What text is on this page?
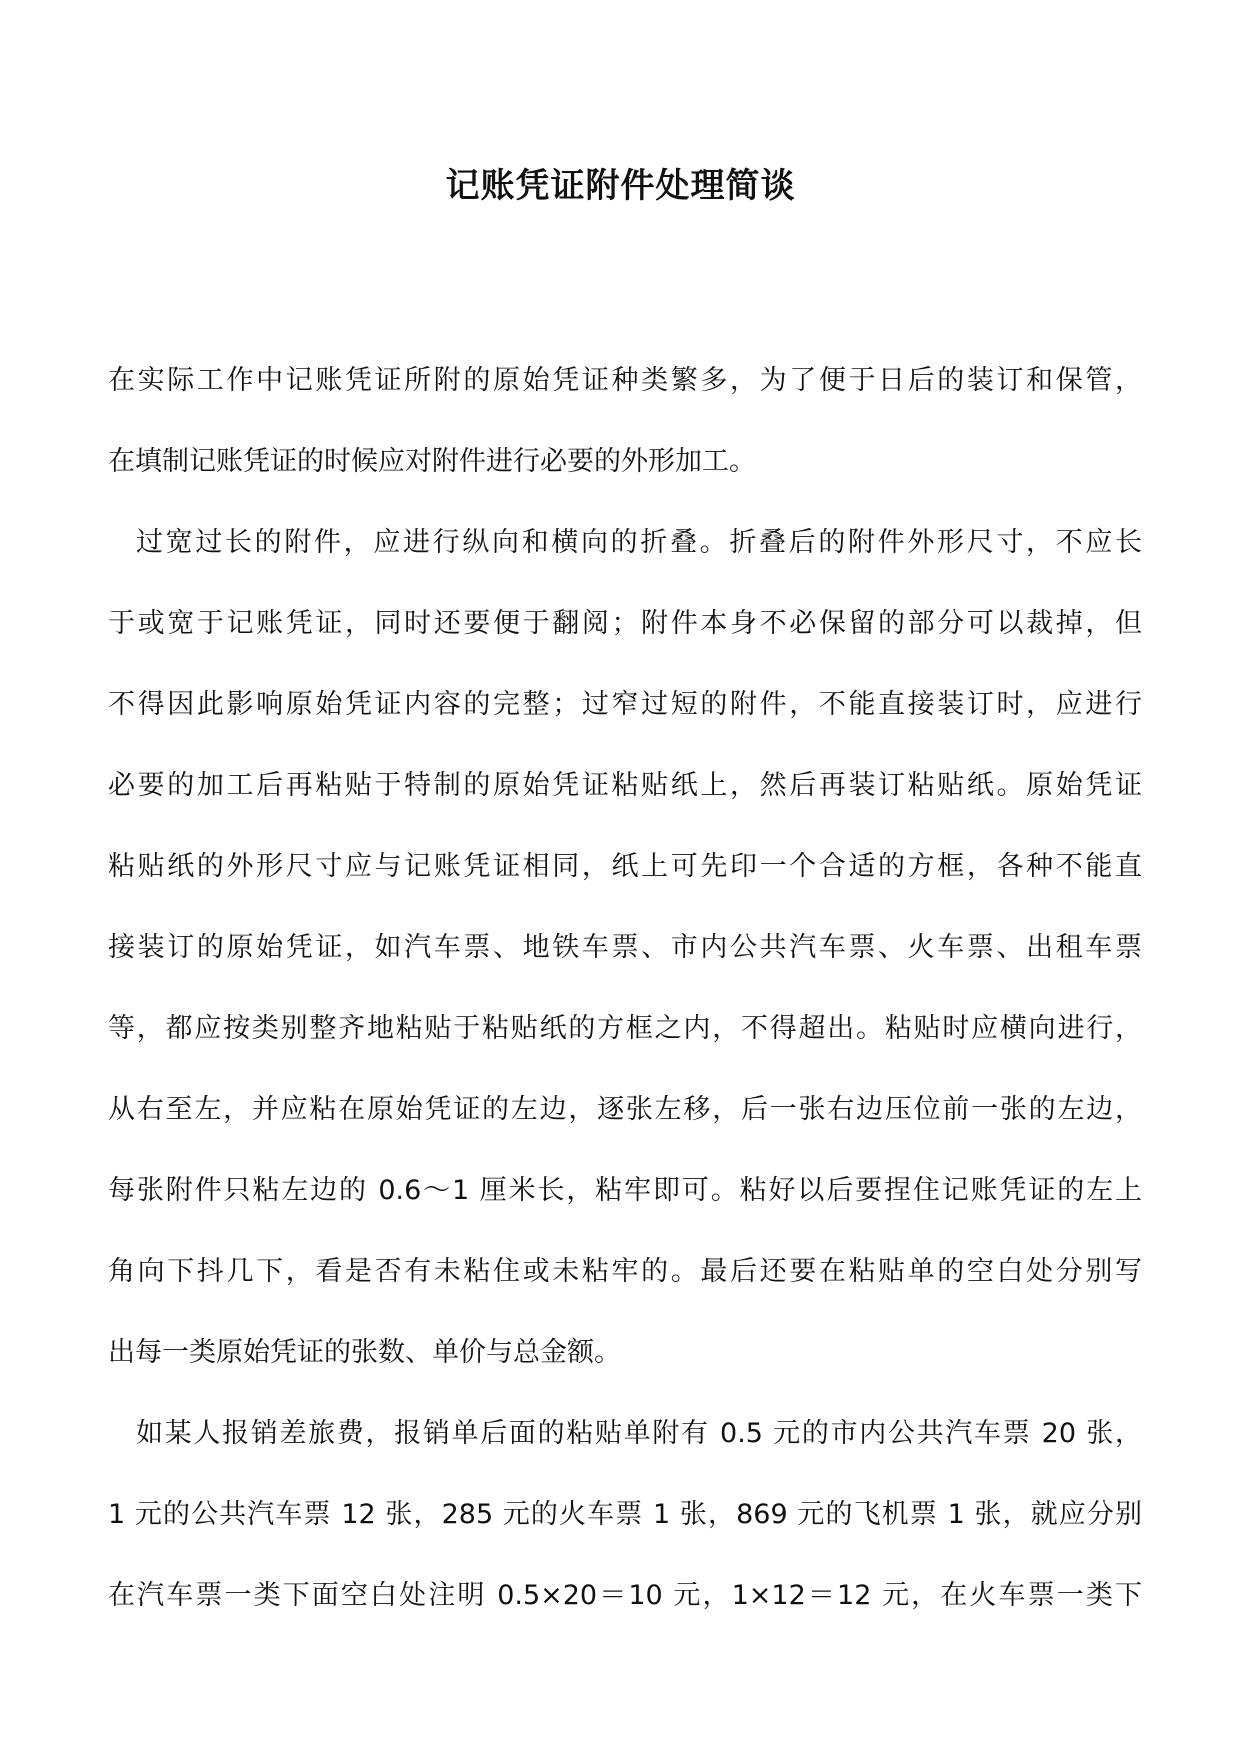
记账凭证附件处理简谈
在实际工作中记账凭证所附的原始凭证种类繁多，为了便于日后的装订和保管，
在填制记账凭证的时候应对附件进行必要的外形加工。
过宽过长的附件，应进行纵向和横向的折叠。折叠后的附件外形尺寸，不应长
于或宽于记账凭证，同时还要便于翻阅；附件本身不必保留的部分可以裁掉，但
不得因此影响原始凭证内容的完整；过窄过短的附件，不能直接装订时，应进行
必要的加工后再粘贴于特制的原始凭证粘贴纸上，然后再装订粘贴纸。原始凭证
粘贴纸的外形尺寸应与记账凭证相同，纸上可先印一个合适的方框，各种不能直
接装订的原始凭证，如汽车票、地铁车票、市内公共汽车票、火车票、出租车票
等，都应按类别整齐地粘贴于粘贴纸的方框之内，不得超出。粘贴时应横向进行，
从右至左，并应粘在原始凭证的左边，逐张左移，后一张右边压位前一张的左边，
每张附件只粘左边的 0.6～1 厘米长，粘牢即可。粘好以后要捏住记账凭证的左上
角向下抖几下，看是否有未粘住或未粘牢的。最后还要在粘贴单的空白处分别写
出每一类原始凭证的张数、单价与总金额。
如某人报销差旅费，报销单后面的粘贴单附有 0.5 元的市内公共汽车票 20 张，
1 元的公共汽车票 12 张，285 元的火车票 1 张，869 元的飞机票 1 张，就应分别
在汽车票一类下面空白处注明 0.5×20＝10 元，1×12＝12 元，在火车票一类下
